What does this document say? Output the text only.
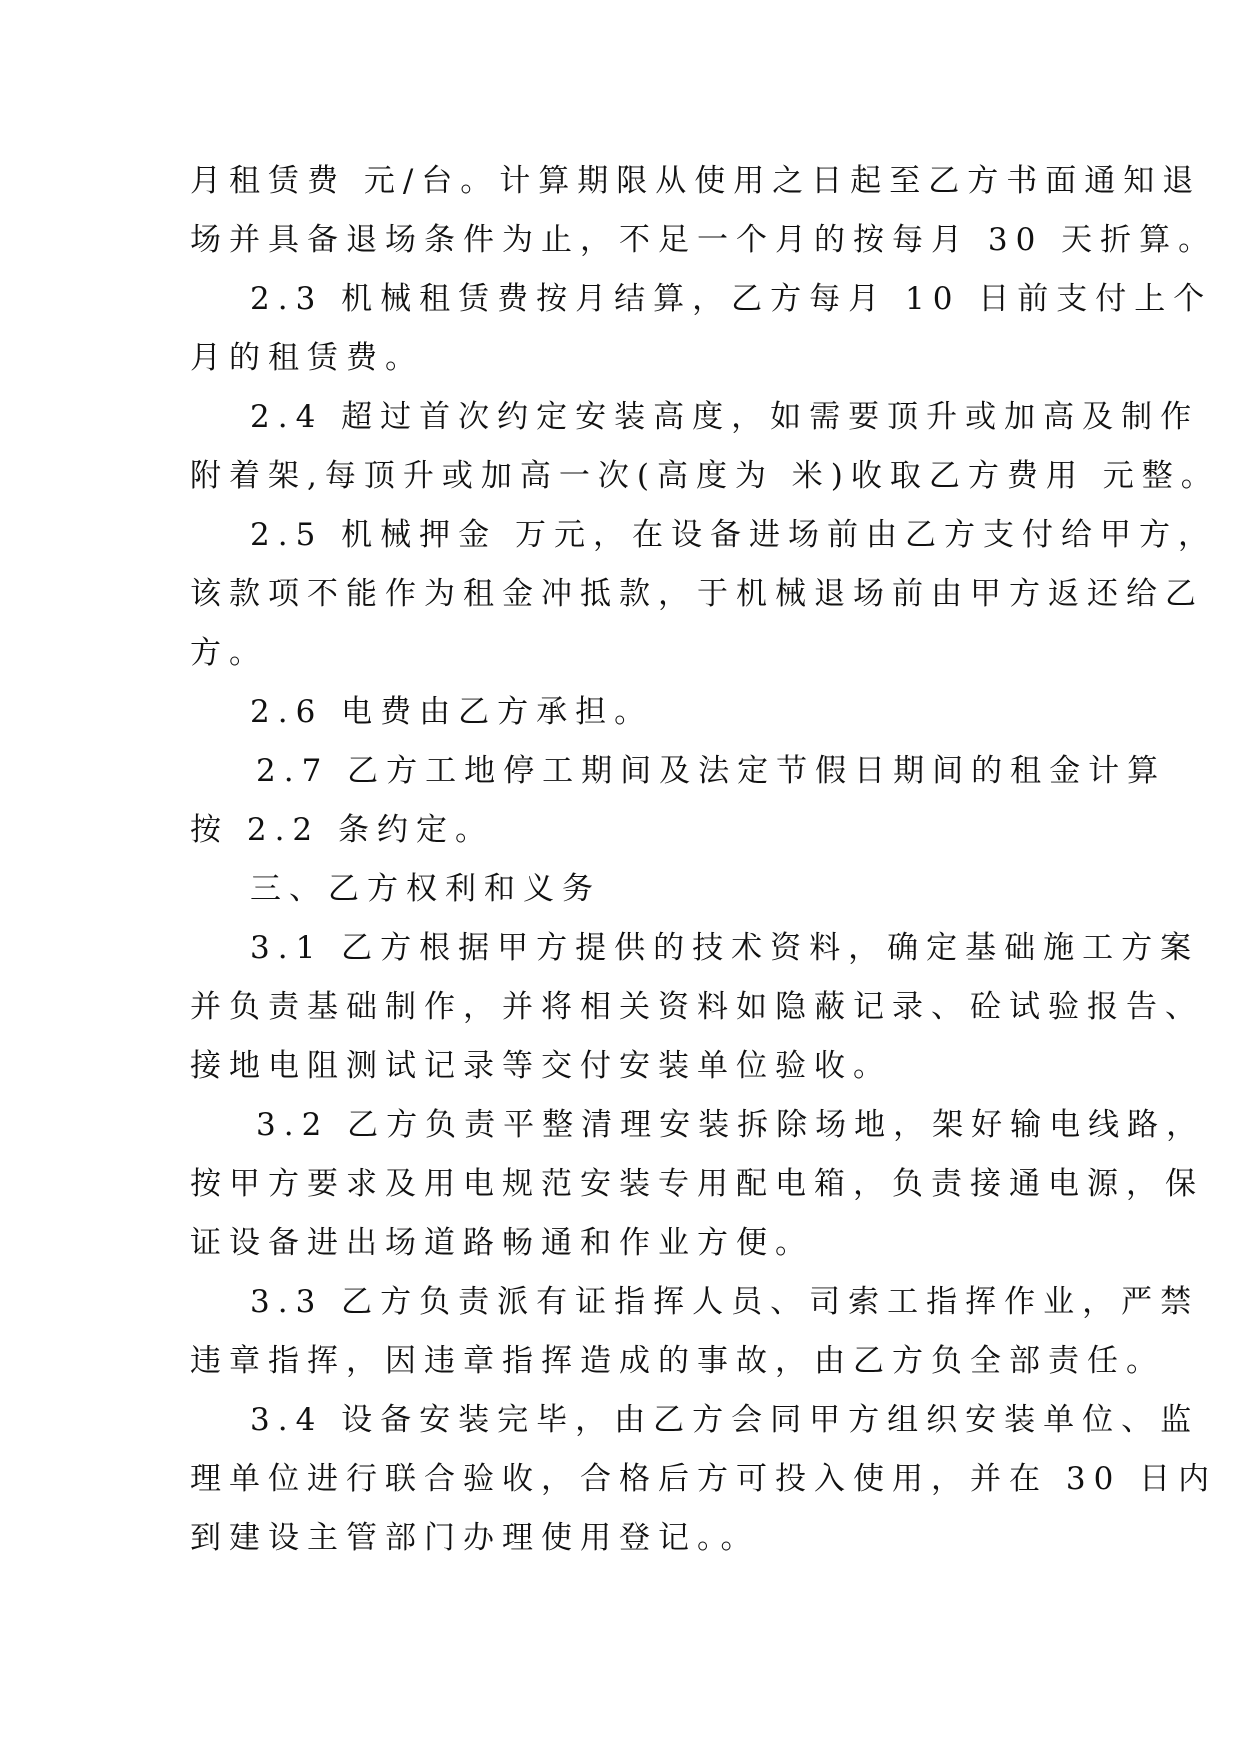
月租赁费 元/台。计算期限从使用之日起至乙方书面通知退
场并具备退场条件为止，不足一个月的按每月 30 天折算。
2.3 机械租赁费按月结算，乙方每月 10 日前支付上个
月的租赁费。
2.4 超过首次约定安装高度，如需要顶升或加高及制作
附着架,每顶升或加高一次(高度为 米)收取乙方费用 元整。
2.5 机械押金 万元，在设备进场前由乙方支付给甲方，
该款项不能作为租金冲抵款，于机械退场前由甲方返还给乙
方。
2.6 电费由乙方承担。
2.7 乙方工地停工期间及法定节假日期间的租金计算
按 2.2 条约定。
三、乙方权利和义务
3.1 乙方根据甲方提供的技术资料，确定基础施工方案
并负责基础制作，并将相关资料如隐蔽记录、砼试验报告、
接地电阻测试记录等交付安装单位验收。
3.2 乙方负责平整清理安装拆除场地，架好输电线路，
按甲方要求及用电规范安装专用配电箱，负责接通电源，保
证设备进出场道路畅通和作业方便。
3.3 乙方负责派有证指挥人员、司索工指挥作业，严禁
违章指挥，因违章指挥造成的事故，由乙方负全部责任。
3.4 设备安装完毕，由乙方会同甲方组织安装单位、监
理单位进行联合验收，合格后方可投入使用，并在 30 日内
到建设主管部门办理使用登记。。
